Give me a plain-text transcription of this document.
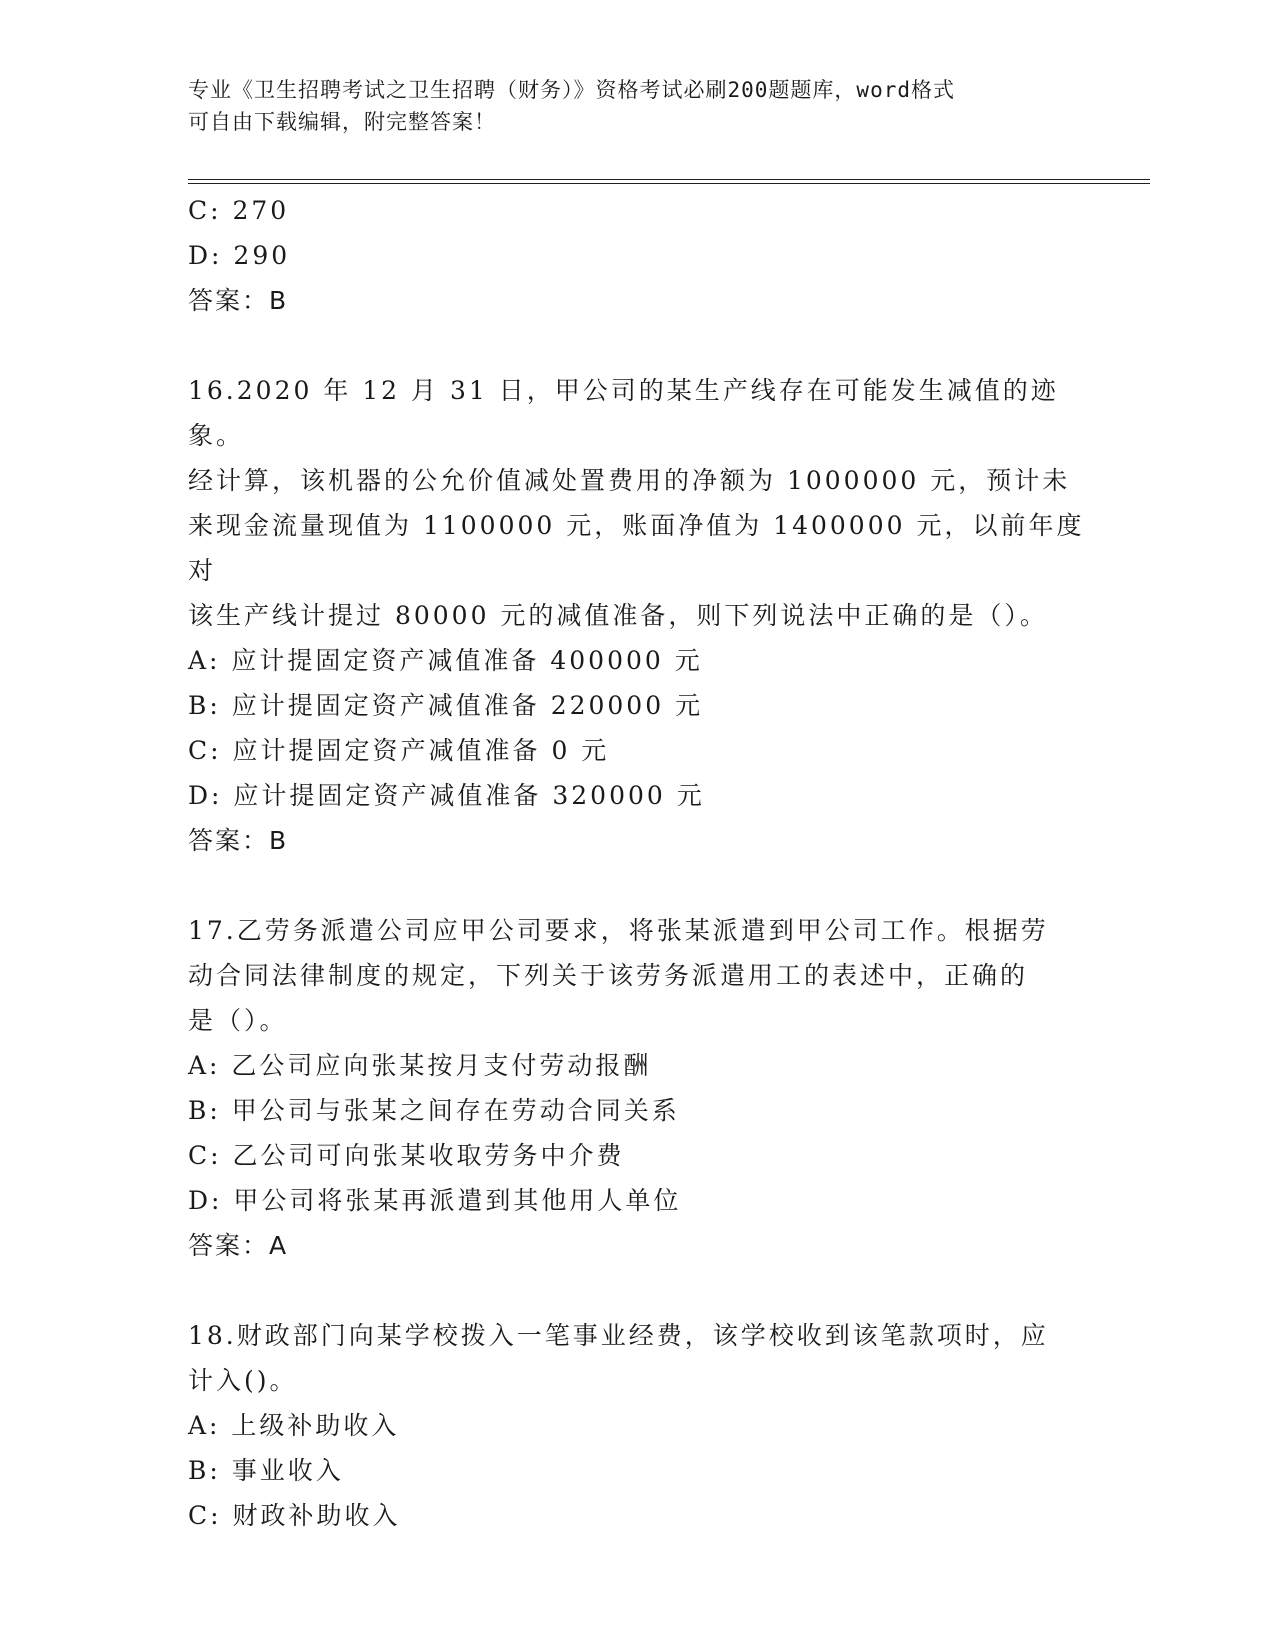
专业《卫生招聘考试之卫生招聘（财务）》资格考试必刷200题题库，word格式
可自由下载编辑，附完整答案！
C: 270
D: 290
答案：B
16.2020 年 12 月 31 日，甲公司的某生产线存在可能发生减值的迹象。
经计算，该机器的公允价值减处置费用的净额为 1000000 元，预计未
来现金流量现值为 1100000 元，账面净值为 1400000 元，以前年度对
该生产线计提过 80000 元的减值准备，则下列说法中正确的是（）。
A: 应计提固定资产减值准备 400000 元
B: 应计提固定资产减值准备 220000 元
C: 应计提固定资产减值准备 0 元
D: 应计提固定资产减值准备 320000 元
答案：B
17.乙劳务派遣公司应甲公司要求，将张某派遣到甲公司工作。根据劳
动合同法律制度的规定，下列关于该劳务派遣用工的表述中，正确的
是（）。
A: 乙公司应向张某按月支付劳动报酬
B: 甲公司与张某之间存在劳动合同关系
C: 乙公司可向张某收取劳务中介费
D: 甲公司将张某再派遣到其他用人单位
答案：A
18.财政部门向某学校拨入一笔事业经费，该学校收到该笔款项时，应
计入()。
A: 上级补助收入
B: 事业收入
C: 财政补助收入
